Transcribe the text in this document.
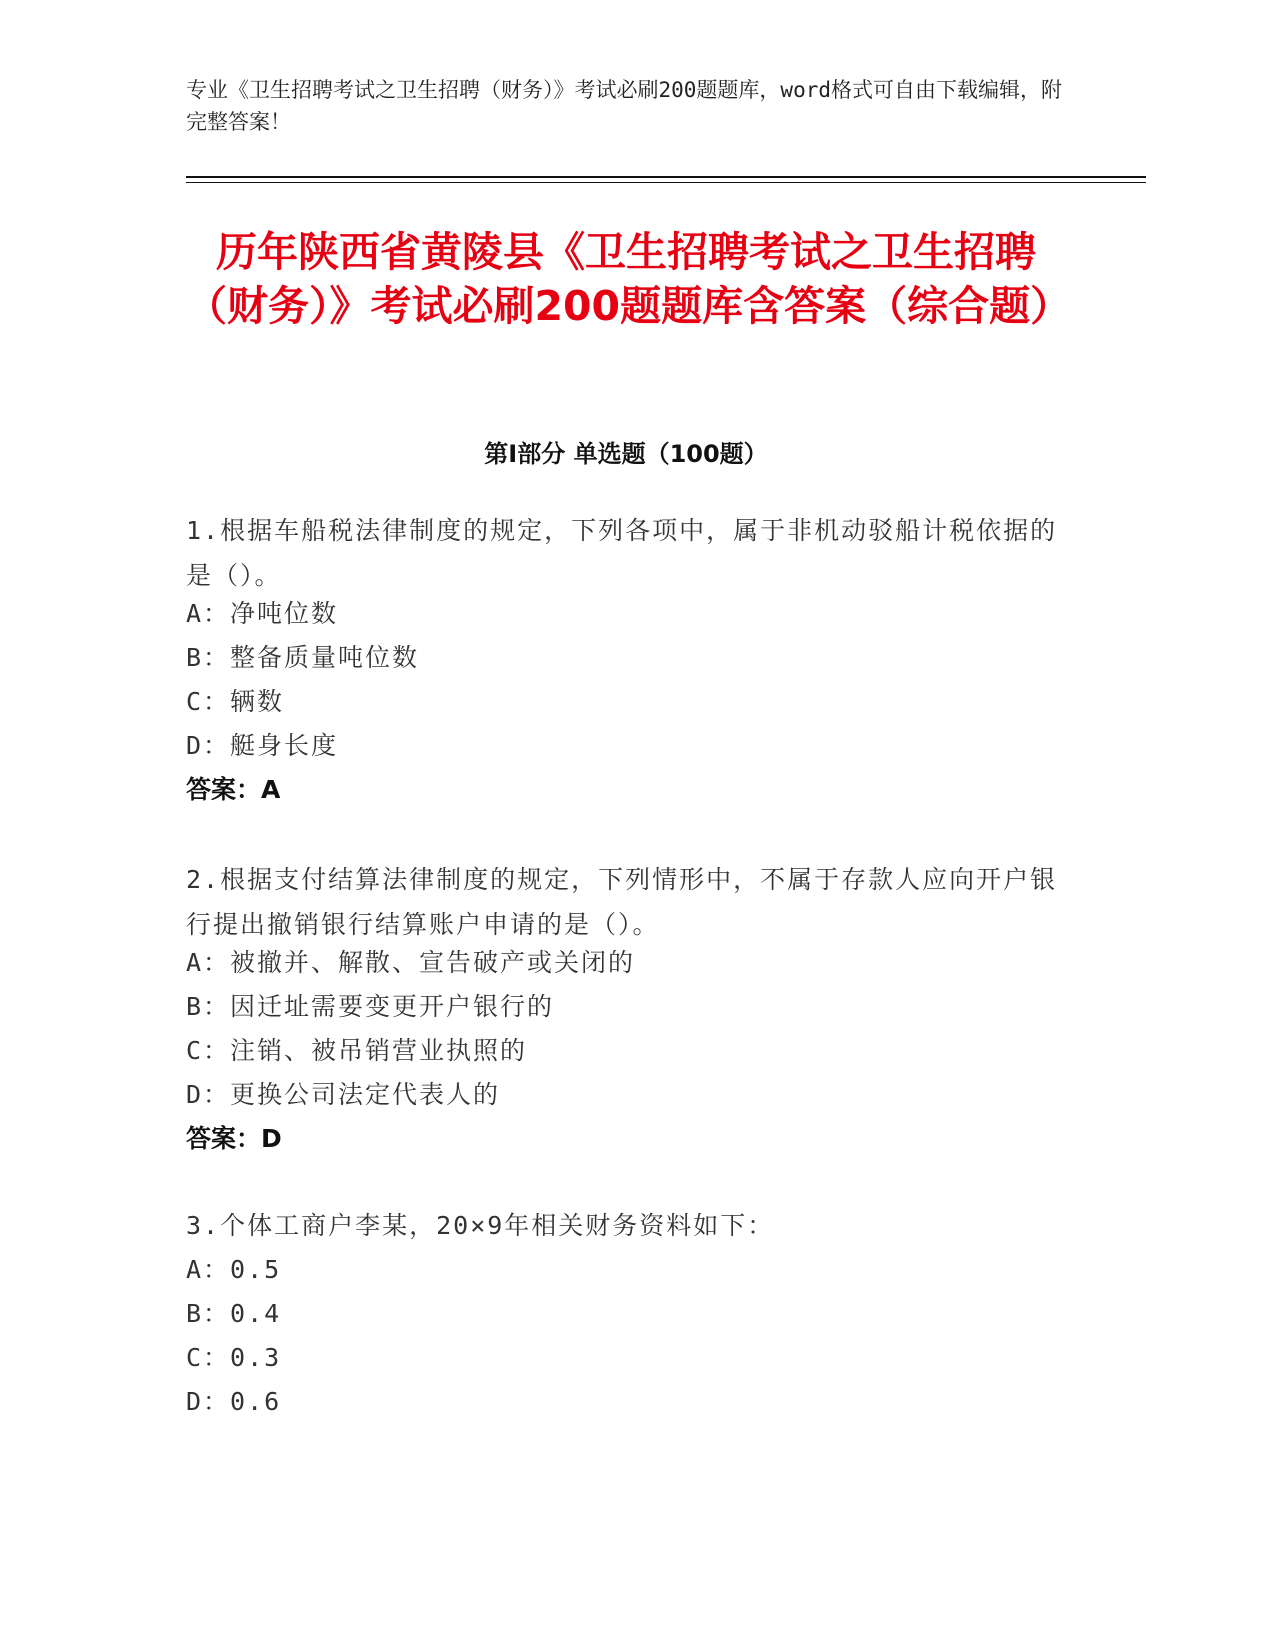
专业《卫生招聘考试之卫生招聘（财务）》考试必刷200题题库，word格式可自由下载编辑，附完整答案！
历年陕西省黄陵县《卫生招聘考试之卫生招聘（财务）》考试必刷200题题库含答案（综合题）
第Ⅰ部分 单选题（100题）
1.根据车船税法律制度的规定，下列各项中，属于非机动驳船计税依据的是（）。
A：净吨位数
B：整备质量吨位数
C：辆数
D：艇身长度
答案：A
2.根据支付结算法律制度的规定，下列情形中，不属于存款人应向开户银行提出撤销银行结算账户申请的是（）。
A：被撤并、解散、宣告破产或关闭的
B：因迁址需要变更开户银行的
C：注销、被吊销营业执照的
D：更换公司法定代表人的
答案：D
3.个体工商户李某，20×9年相关财务资料如下：
A：0.5
B：0.4
C：0.3
D：0.6
